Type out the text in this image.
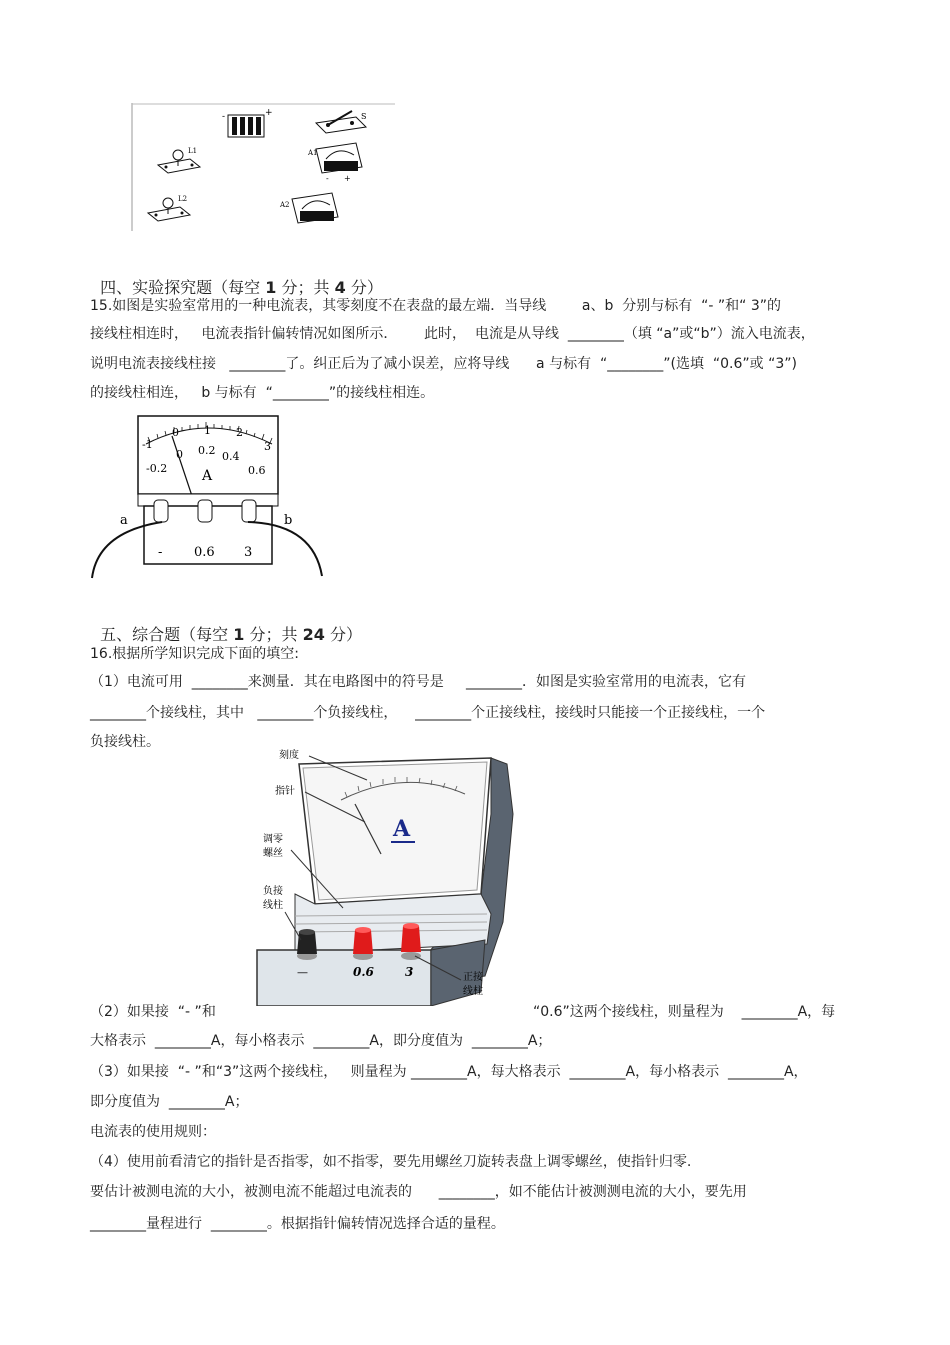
-	+	S
L1	A1
- +
L2
A2

四、实验探究题（每空 1 分；共 4 分）

15.如图是实验室常用的一种电流表，其零刻度不在表盘的最左端．当导线        a、b  分别与标有  “- ”和“ 3”的
接线柱相连时，   电流表指针偏转情况如图所示．      此时，  电流是从导线  ________（填 “a”或“b”）流入电流表，
说明电流表接线柱接   ________了。纠正后为了减小误差，应将导线      a 与标有  “________”(选填  “0.6”或 “3”)
的接线柱相连，   b 与标有  “________”的接线柱相连。
-1
0 1 2
3
-0.2
0 0.2 0.4
0.6
A
- 0.6 3
a	b

五、综合题（每空 1 分；共 24 分）

16.根据所学知识完成下面的填空:
（1）电流可用  ________来测量．其在电路图中的符号是     ________．如图是实验室常用的电流表，它有
________个接线柱，其中   ________个负接线柱，    ________个正接线柱，接线时只能接一个正接线柱，一个
负接线柱。
A
—	0.6	3
刻度
指针
调零
螺丝
负接
线柱
正接
线柱
（2）如果接  “- ”和	“0.6”这两个接线柱，则量程为    ________A，每
大格表示  ________A，每小格表示  ________A，即分度值为  ________A；
（3）如果接  “- ”和“3”这两个接线柱，   则量程为 ________A，每大格表示  ________A，每小格表示  ________A，
即分度值为  ________A；
电流表的使用规则：
（4）使用前看清它的指针是否指零，如不指零，要先用螺丝刀旋转表盘上调零螺丝，使指针归零.
要估计被测电流的大小，被测电流不能超过电流表的      ________，如不能估计被测测电流的大小，要先用
________量程进行  ________。根据指针偏转情况选择合适的量程。
